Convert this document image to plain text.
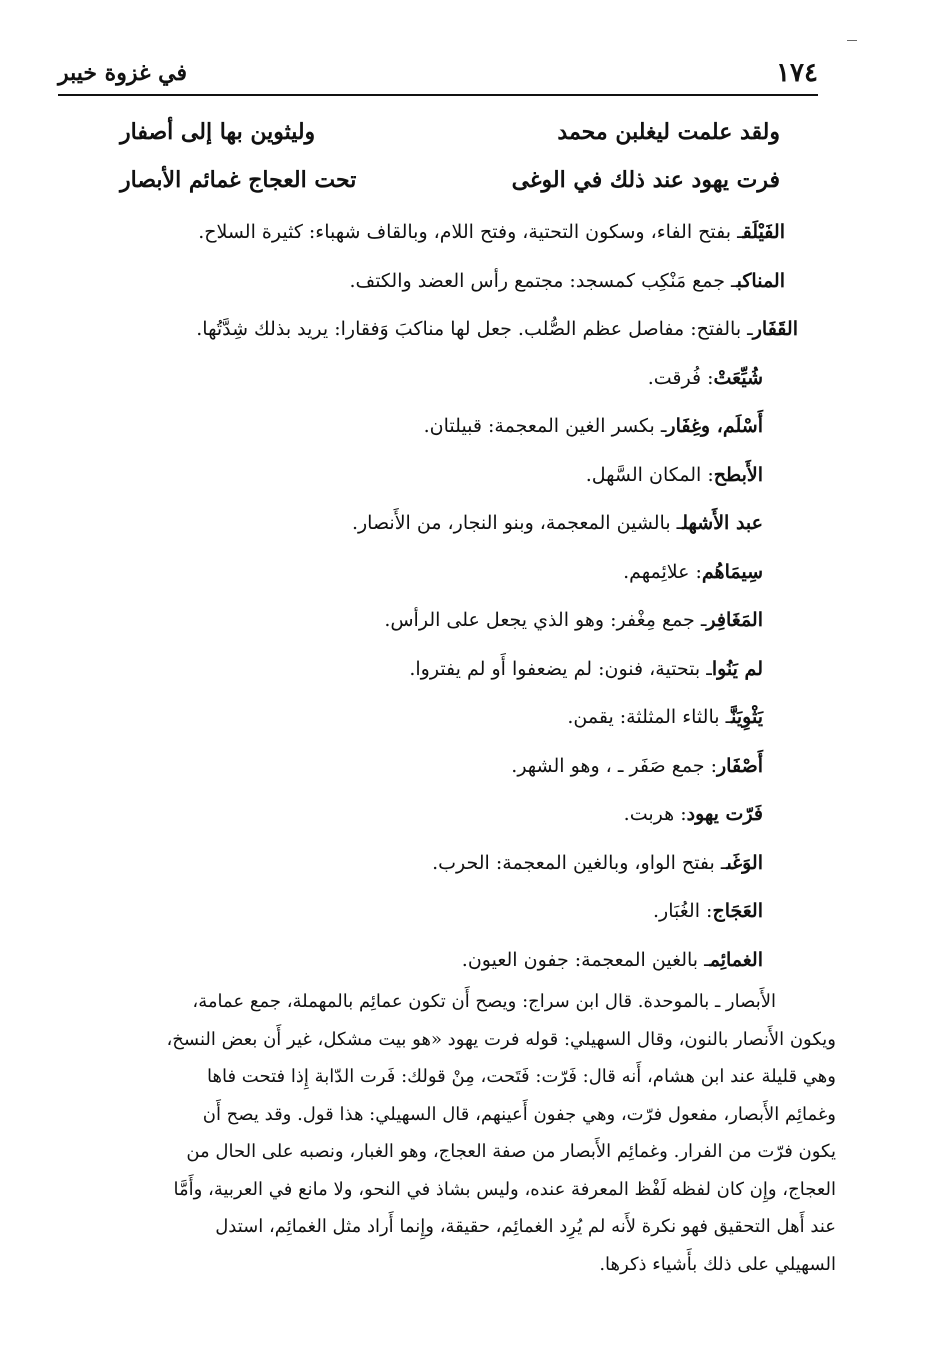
١٧٤
في غزوة خيبر
ولقد علمت ليغلبن محمد
وليثوين بها إلى أصفار
فرت يهود عند ذلك في الوغى
تحت العجاج غمائم الأبصار
الفَيْلَقـ بفتح الفاء، وسكون التحتية، وفتح اللام، وبالقاف شهباء: كثيرة السلاح.
المناكبـ جمع مَنْكِب كمسجد: مجتمع رأس العضد والكتف.
القَفَارـ بالفتح: مفاصل عظم الصُّلب. جعل لها مناكبَ وَفقارا: يريد بذلك شِدَّتُها.
شُيِّعَتْ: فُرقت.
أَسْلَم، وغِفَارـ بكسر الغين المعجمة: قبيلتان.
الأَبطح: المكان السَّهل.
عبد الأَشهلـ بالشين المعجمة، وبنو النجار، من الأَنصار.
سِيمَاهُم: علائِمهم.
المَغَافِرـ جمع مِغْفر: وهو الذي يجعل على الرأس.
لم يَنُواـ بتحتية، فنون: لم يضعفوا أَو لم يفتروا.
يَثْوِيَنَّـ بالثاء المثلثة: يقمن.
أَصْفَار: جمع صَفَر ـ ، وهو الشهر.
فَرّت يهود: هربت.
الوَغَىـ بفتح الواو، وبالغين المعجمة: الحرب.
العَجَاج: الغُبَار.
الغمائِمـ بالغين المعجمة: جفون العيون.
الأَبصار ـ بالموحدة. قال ابن سراج: ويصح أَن تكون عمائِم بالمهملة، جمع عمامة،
ويكون الأَنصار بالنون، وقال السهيلي: قوله فرت يهود «هو بيت مشكل، غير أَن بعض النسخ،
وهي قليلة عند ابن هشام، أَنه قال: فَرّت: فَتَحت، مِنْ قولك: فَرت الدّابة إِذا فتحت فاها
وغمائِم الأَبصار، مفعول فرّت، وهي جفون أَعينهم، قال السهيلي: هذا قول. وقد يصح أَن
يكون فرّت من الفرار. وغمائِم الأَبصار من صفة العجاج، وهو الغبار، ونصبه على الحال من
العجاج، وإِن كان لفظه لَفْظ المعرفة عنده، وليس بشاذ في النحو، ولا مانع في العربية، وأَمَّا
عند أَهل التحقيق فهو نكرة لأَنه لم يُرِد الغمائِم، حقيقة، وإِنما أَراد مثل الغمائِم، استدل
السهيلي على ذلك بأَشياء ذكرها.
